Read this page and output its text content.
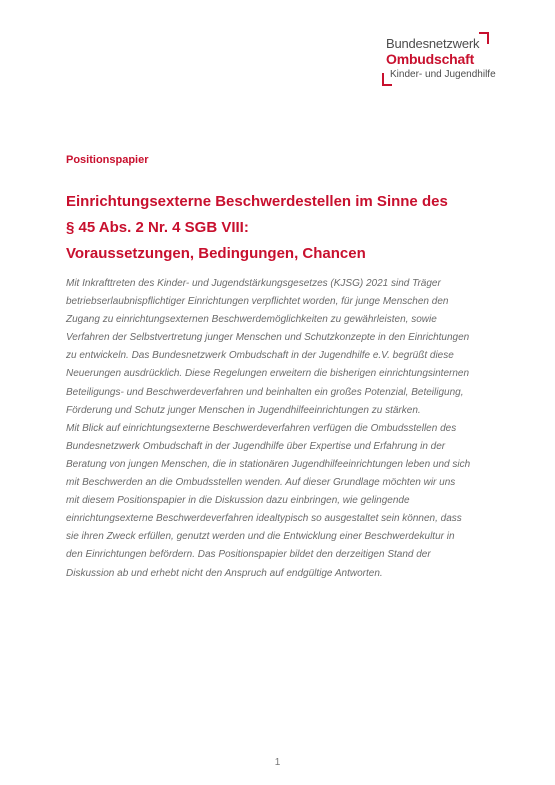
Bundesnetzwerk
Ombudschaft
Kinder- und Jugendhilfe

Positionspapier

Einrichtungsexterne Beschwerdestellen im Sinne des
§ 45 Abs. 2 Nr. 4 SGB VIII:
Voraussetzungen, Bedingungen, Chancen

Mit Inkrafttreten des Kinder- und Jugendstärkungsgesetzes (KJSG) 2021 sind Träger
betriebserlaubnispflichtiger Einrichtungen verpflichtet worden, für junge Menschen den
Zugang zu einrichtungsexternen Beschwerdemöglichkeiten zu gewährleisten, sowie
Verfahren der Selbstvertretung junger Menschen und Schutzkonzepte in den Einrichtungen
zu entwickeln. Das Bundesnetzwerk Ombudschaft in der Jugendhilfe e.V. begrüßt diese
Neuerungen ausdrücklich. Diese Regelungen erweitern die bisherigen einrichtungsinternen
Beteiligungs- und Beschwerdeverfahren und beinhalten ein großes Potenzial, Beteiligung,
Förderung und Schutz junger Menschen in Jugendhilfeeinrichtungen zu stärken.
Mit Blick auf einrichtungsexterne Beschwerdeverfahren verfügen die Ombudsstellen des
Bundesnetzwerk Ombudschaft in der Jugendhilfe über Expertise und Erfahrung in der
Beratung von jungen Menschen, die in stationären Jugendhilfeeinrichtungen leben und sich
mit Beschwerden an die Ombudsstellen wenden. Auf dieser Grundlage möchten wir uns
mit diesem Positionspapier in die Diskussion dazu einbringen, wie gelingende
einrichtungsexterne Beschwerdeverfahren idealtypisch so ausgestaltet sein können, dass
sie ihren Zweck erfüllen, genutzt werden und die Entwicklung einer Beschwerdekultur in
den Einrichtungen befördern. Das Positionspapier bildet den derzeitigen Stand der
Diskussion ab und erhebt nicht den Anspruch auf endgültige Antworten.

1
